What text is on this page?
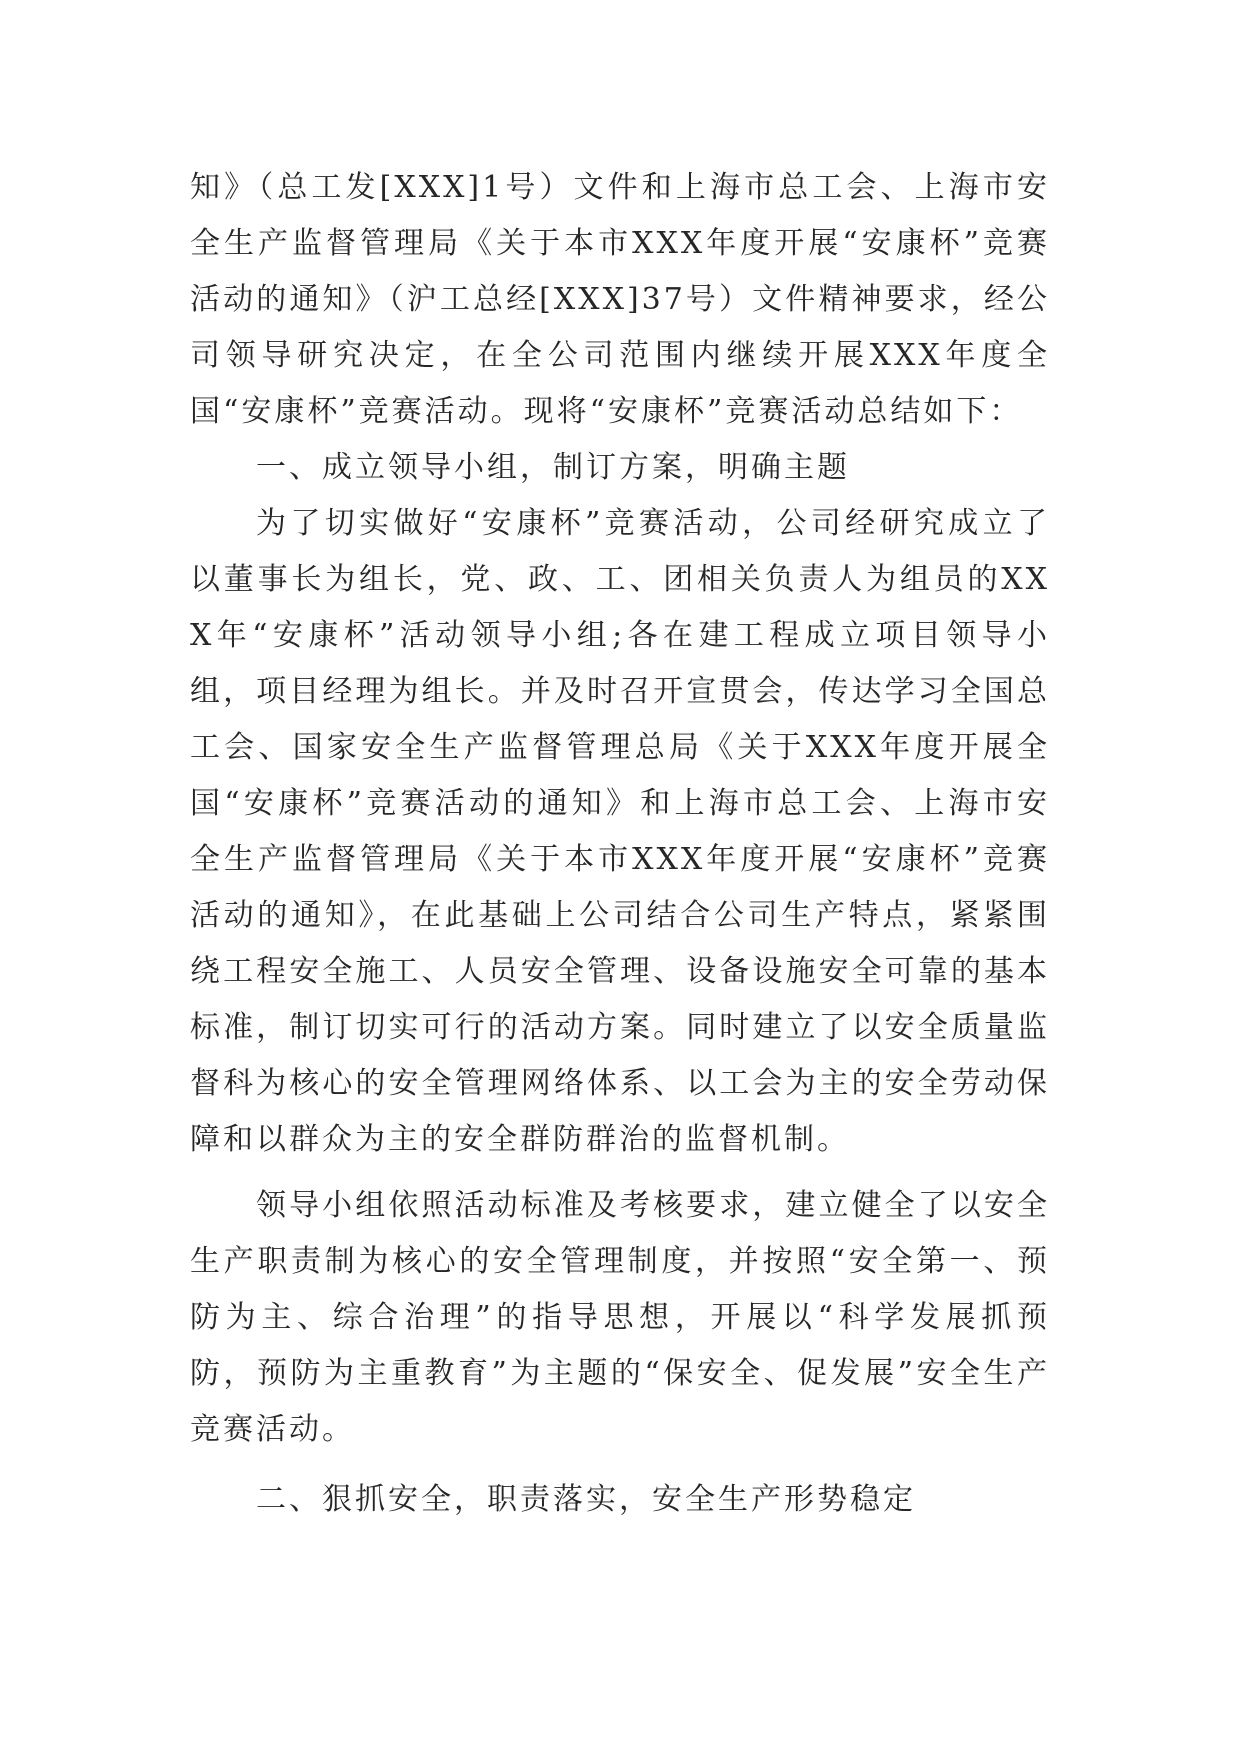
知》（总工发[XXX]1号）文件和上海市总工会、上海市安全生产监督管理局《关于本市XXX年度开展“安康杯”竞赛活动的通知》（沪工总经[XXX]37号）文件精神要求，经公司领导研究决定，在全公司范围内继续开展XXX年度全国“安康杯”竞赛活动。现将“安康杯”竞赛活动总结如下：

一、成立领导小组，制订方案，明确主题

为了切实做好“安康杯”竞赛活动，公司经研究成立了以董事长为组长，党、政、工、团相关负责人为组员的XXX年“安康杯”活动领导小组;各在建工程成立项目领导小组，项目经理为组长。并及时召开宣贯会，传达学习全国总工会、国家安全生产监督管理总局《关于XXX年度开展全国“安康杯”竞赛活动的通知》和上海市总工会、上海市安全生产监督管理局《关于本市XXX年度开展“安康杯”竞赛活动的通知》，在此基础上公司结合公司生产特点，紧紧围绕工程安全施工、人员安全管理、设备设施安全可靠的基本标准，制订切实可行的活动方案。同时建立了以安全质量监督科为核心的安全管理网络体系、以工会为主的安全劳动保障和以群众为主的安全群防群治的监督机制。

领导小组依照活动标准及考核要求，建立健全了以安全生产职责制为核心的安全管理制度，并按照“安全第一、预防为主、综合治理”的指导思想，开展以“科学发展抓预防，预防为主重教育”为主题的“保安全、促发展”安全生产竞赛活动。

二、狠抓安全，职责落实，安全生产形势稳定
